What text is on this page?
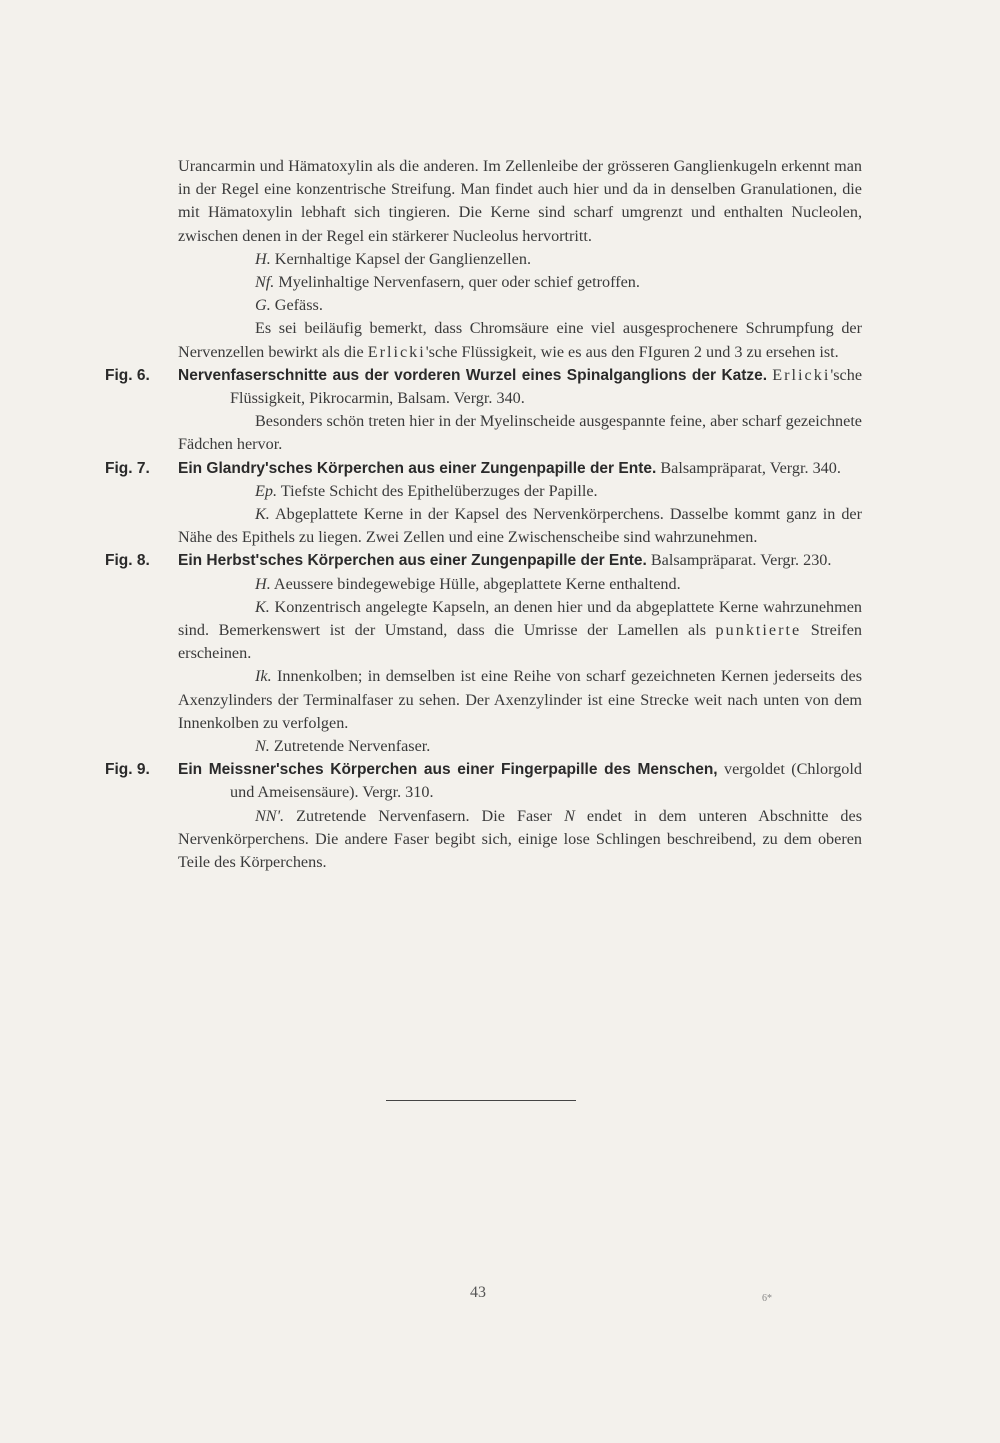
Urancarmin und Hämatoxylin als die anderen. Im Zellenleibe der grösseren Ganglienkugeln erkennt man in der Regel eine konzentrische Streifung. Man findet auch hier und da in denselben Granulationen, die mit Hämatoxylin lebhaft sich tingieren. Die Kerne sind scharf umgrenzt und enthalten Nucleolen, zwischen denen in der Regel ein stärkerer Nucleolus hervortritt.

H. Kernhaltige Kapsel der Ganglienzellen.

Nf. Myelinhaltige Nervenfasern, quer oder schief getroffen.

G. Gefäss.

Es sei beiläufig bemerkt, dass Chromsäure eine viel ausgesprochenere Schrumpfung der Nervenzellen bewirkt als die Erlicki'sche Flüssigkeit, wie es aus den FIguren 2 und 3 zu ersehen ist.

Fig. 6. Nervenfaserschnitte aus der vorderen Wurzel eines Spinalganglions der Katze. Erlicki'sche Flüssigkeit, Pikrocarmin, Balsam. Vergr. 340.

Besonders schön treten hier in der Myelinscheide ausgespannte feine, aber scharf gezeichnete Fädchen hervor.

Fig. 7. Ein Glandry'sches Körperchen aus einer Zungenpapille der Ente. Balsampräparat, Vergr. 340.

Ep. Tiefste Schicht des Epithelüberzuges der Papille.

K. Abgeplattete Kerne in der Kapsel des Nervenkörperchens. Dasselbe kommt ganz in der Nähe des Epithels zu liegen. Zwei Zellen und eine Zwischenscheibe sind wahrzunehmen.

Fig. 8. Ein Herbst'sches Körperchen aus einer Zungenpapille der Ente. Balsampräparat. Vergr. 230.

H. Aeussere bindegewebige Hülle, abgeplattete Kerne enthaltend.

K. Konzentrisch angelegte Kapseln, an denen hier und da abgeplattete Kerne wahrzunehmen sind. Bemerkenswert ist der Umstand, dass die Umrisse der Lamellen als punktierte Streifen erscheinen.

Ik. Innenkolben; in demselben ist eine Reihe von scharf gezeichneten Kernen jederseits des Axenzylinders der Terminalfaser zu sehen. Der Axenzylinder ist eine Strecke weit nach unten von dem Innenkolben zu verfolgen.

N. Zutretende Nervenfaser.

Fig. 9. Ein Meissner'sches Körperchen aus einer Fingerpapille des Menschen, vergoldet (Chlorgold und Ameisensäure). Vergr. 310.

NN'. Zutretende Nervenfasern. Die Faser N endet in dem unteren Abschnitte des Nervenkörperchens. Die andere Faser begibt sich, einige lose Schlingen beschreibend, zu dem oberen Teile des Körperchens.

43	6*
